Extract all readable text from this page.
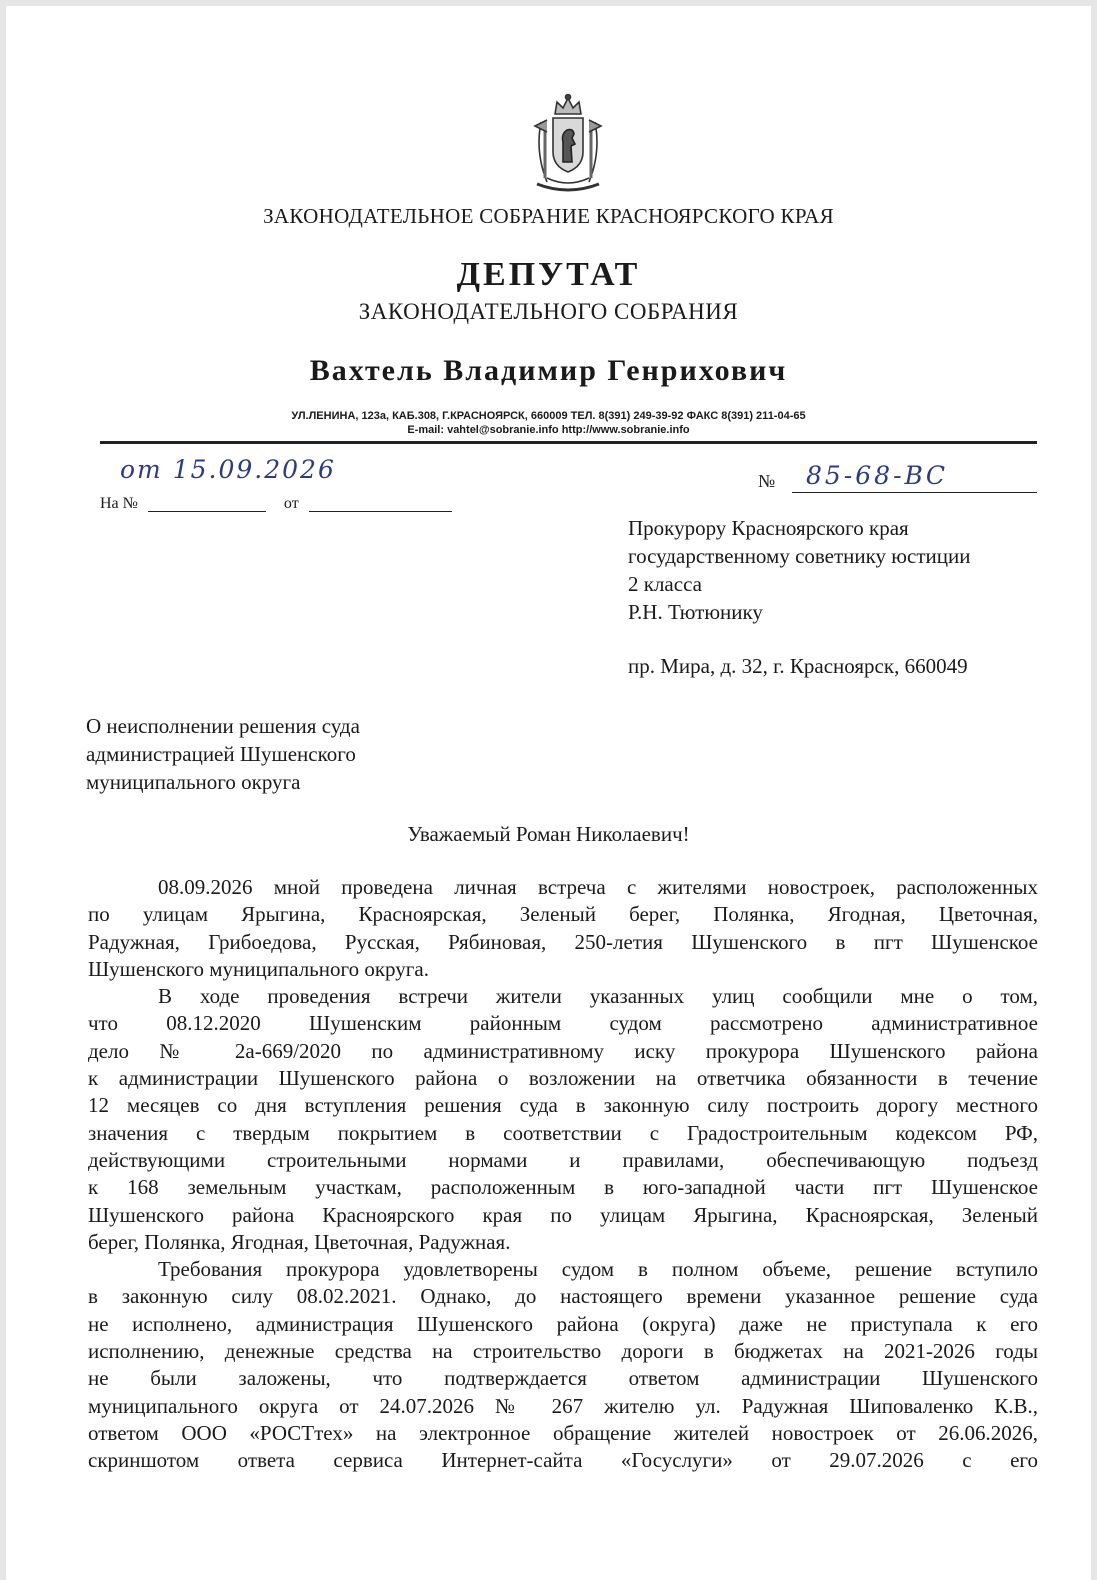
ЗАКОНОДАТЕЛЬНОЕ СОБРАНИЕ КРАСНОЯРСКОГО КРАЯ
ДЕПУТАТ
ЗАКОНОДАТЕЛЬНОГО СОБРАНИЯ
Вахтель Владимир Генрихович
УЛ.ЛЕНИНА, 123а, КАБ.308, Г.КРАСНОЯРСК, 660009 ТЕЛ. 8(391) 249-39-92 ФАКС 8(391) 211-04-65
E-mail: vahtel@sobranie.info http://www.sobranie.info
от 15.09.2026	№ 85-68-ВС
На №	от
Прокурору Красноярского края
государственному советнику юстиции
2 класса
Р.Н. Тютюнику
пр. Мира, д. 32, г. Красноярск, 660049
О неисполнении решения суда
администрацией Шушенского
муниципального округа
Уважаемый Роман Николаевич!
08.09.2026 мной проведена личная встреча с жителями новостроек, расположенных
по улицам Ярыгина, Красноярская, Зеленый берег, Полянка, Ягодная, Цветочная,
Радужная, Грибоедова, Русская, Рябиновая, 250-летия Шушенского в пгт Шушенское
Шушенского муниципального округа.
В ходе проведения встречи жители указанных улиц сообщили мне о том,
что 08.12.2020 Шушенским районным судом рассмотрено административное
дело № 2а-669/2020 по административному иску прокурора Шушенского района
к администрации Шушенского района о возложении на ответчика обязанности в течение
12 месяцев со дня вступления решения суда в законную силу построить дорогу местного
значения с твердым покрытием в соответствии с Градостроительным кодексом РФ,
действующими строительными нормами и правилами, обеспечивающую подъезд
к 168 земельным участкам, расположенным в юго-западной части пгт Шушенское
Шушенского района Красноярского края по улицам Ярыгина, Красноярская, Зеленый
берег, Полянка, Ягодная, Цветочная, Радужная.
Требования прокурора удовлетворены судом в полном объеме, решение вступило
в законную силу 08.02.2021. Однако, до настоящего времени указанное решение суда
не исполнено, администрация Шушенского района (округа) даже не приступала к его
исполнению, денежные средства на строительство дороги в бюджетах на 2021-2026 годы
не были заложены, что подтверждается ответом администрации Шушенского
муниципального округа от 24.07.2026 № 267 жителю ул. Радужная Шиповаленко К.В.,
ответом ООО «РОСТтех» на электронное обращение жителей новостроек от 26.06.2026,
скриншотом ответа сервиса Интернет-сайта «Госуслуги» от 29.07.2026 с его
